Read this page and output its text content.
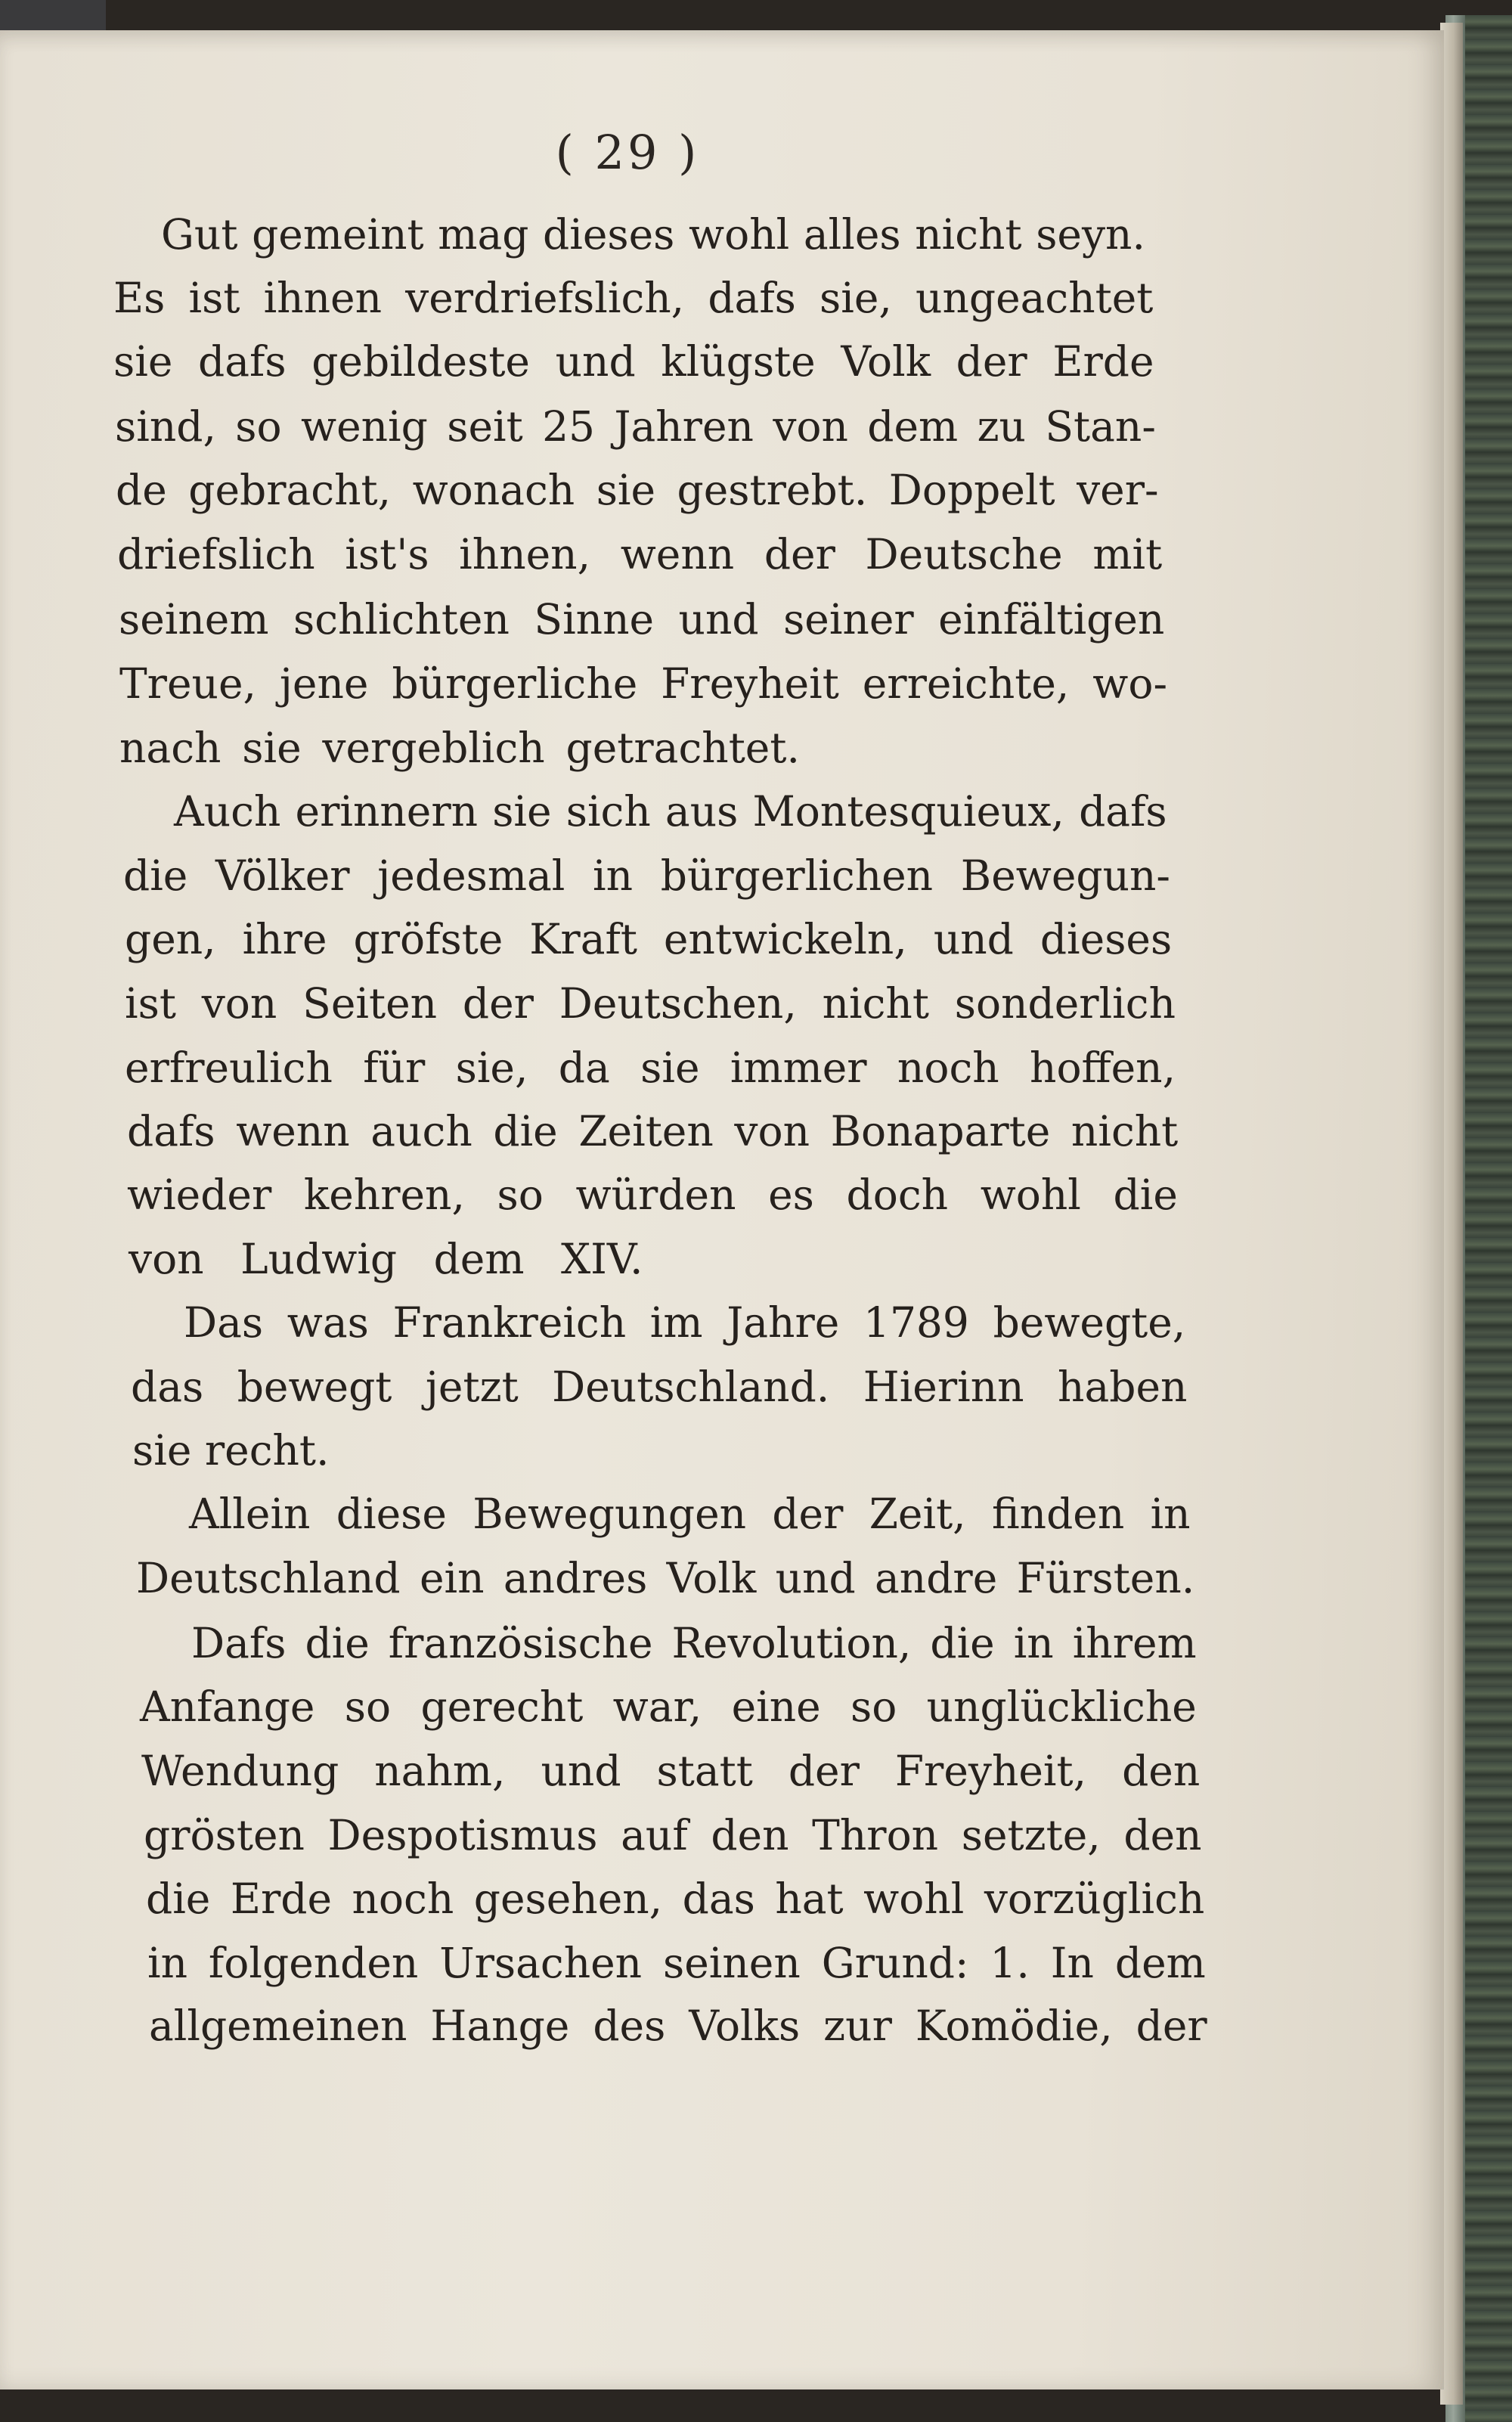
( 29 )
Gut gemeint mag dieses wohl alles nicht seyn.
Es ist ihnen verdriefslich, dafs sie, ungeachtet
sie dafs gebildeste und klügste Volk der Erde
sind, so wenig seit 25 Jahren von dem zu Stan-
de gebracht, wonach sie gestrebt. Doppelt ver-
driefslich ist's ihnen, wenn der Deutsche mit
seinem schlichten Sinne und seiner einfältigen
Treue, jene bürgerliche Freyheit erreichte, wo-
nach sie vergeblich getrachtet.
Auch erinnern sie sich aus Montesquieux, dafs
die Völker jedesmal in bürgerlichen Bewegun-
gen, ihre gröfste Kraft entwickeln, und dieses
ist von Seiten der Deutschen, nicht sonderlich
erfreulich für sie, da sie immer noch hoffen,
dafs wenn auch die Zeiten von Bonaparte nicht
wieder kehren, so würden es doch wohl die
von Ludwig dem XIV.
Das was Frankreich im Jahre 1789 bewegte,
das bewegt jetzt Deutschland. Hierinn haben
sie recht.
Allein diese Bewegungen der Zeit, finden in
Deutschland ein andres Volk und andre Fürsten.
Dafs die französische Revolution, die in ihrem
Anfange so gerecht war, eine so unglückliche
Wendung nahm, und statt der Freyheit, den
grösten Despotismus auf den Thron setzte, den
die Erde noch gesehen, das hat wohl vorzüglich
in folgenden Ursachen seinen Grund: 1. In dem
allgemeinen Hange des Volks zur Komödie, der
